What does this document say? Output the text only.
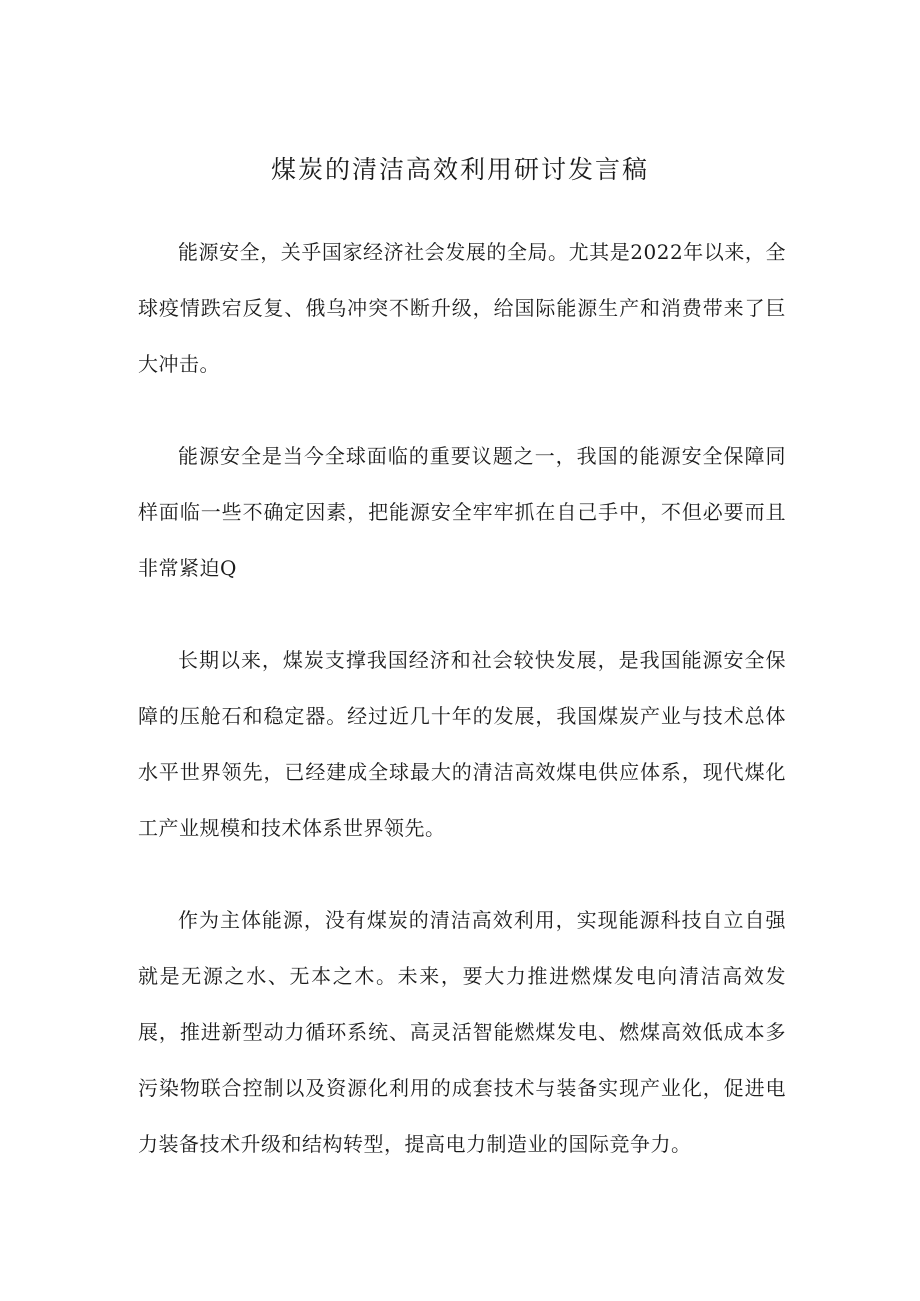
煤炭的清洁高效利用研讨发言稿

能源安全，关乎国家经济社会发展的全局。尤其是2022年以来，全球疫情跌宕反复、俄乌冲突不断升级，给国际能源生产和消费带来了巨大冲击。

能源安全是当今全球面临的重要议题之一，我国的能源安全保障同样面临一些不确定因素，把能源安全牢牢抓在自己手中，不但必要而且非常紧迫Q

长期以来，煤炭支撑我国经济和社会较快发展，是我国能源安全保障的压舱石和稳定器。经过近几十年的发展，我国煤炭产业与技术总体水平世界领先，已经建成全球最大的清洁高效煤电供应体系，现代煤化工产业规模和技术体系世界领先。

作为主体能源，没有煤炭的清洁高效利用，实现能源科技自立自强就是无源之水、无本之木。未来，要大力推进燃煤发电向清洁高效发展，推进新型动力循环系统、高灵活智能燃煤发电、燃煤高效低成本多污染物联合控制以及资源化利用的成套技术与装备实现产业化，促进电力装备技术升级和结构转型，提高电力制造业的国际竞争力。
